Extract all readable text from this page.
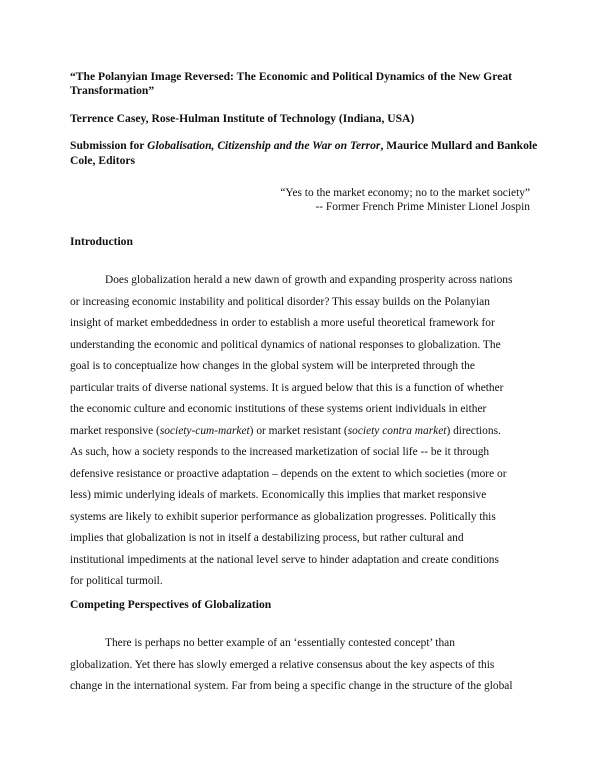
“The Polanyian Image Reversed: The Economic and Political Dynamics of the New Great Transformation”

Terrence Casey, Rose-Hulman Institute of Technology (Indiana, USA)

Submission for Globalisation, Citizenship and the War on Terror, Maurice Mullard and Bankole Cole, Editors

“Yes to the market economy; no to the market society”
-- Former French Prime Minister Lionel Jospin

Introduction

Does globalization herald a new dawn of growth and expanding prosperity across nations
or increasing economic instability and political disorder? This essay builds on the Polanyian
insight of market embeddedness in order to establish a more useful theoretical framework for
understanding the economic and political dynamics of national responses to globalization. The
goal is to conceptualize how changes in the global system will be interpreted through the
particular traits of diverse national systems. It is argued below that this is a function of whether
the economic culture and economic institutions of these systems orient individuals in either
market responsive (society-cum-market) or market resistant (society contra market) directions.
As such, how a society responds to the increased marketization of social life -- be it through
defensive resistance or proactive adaptation – depends on the extent to which societies (more or
less) mimic underlying ideals of markets. Economically this implies that market responsive
systems are likely to exhibit superior performance as globalization progresses. Politically this
implies that globalization is not in itself a destabilizing process, but rather cultural and
institutional impediments at the national level serve to hinder adaptation and create conditions
for political turmoil.

Competing Perspectives of Globalization

There is perhaps no better example of an ‘essentially contested concept’ than
globalization. Yet there has slowly emerged a relative consensus about the key aspects of this
change in the international system. Far from being a specific change in the structure of the global
